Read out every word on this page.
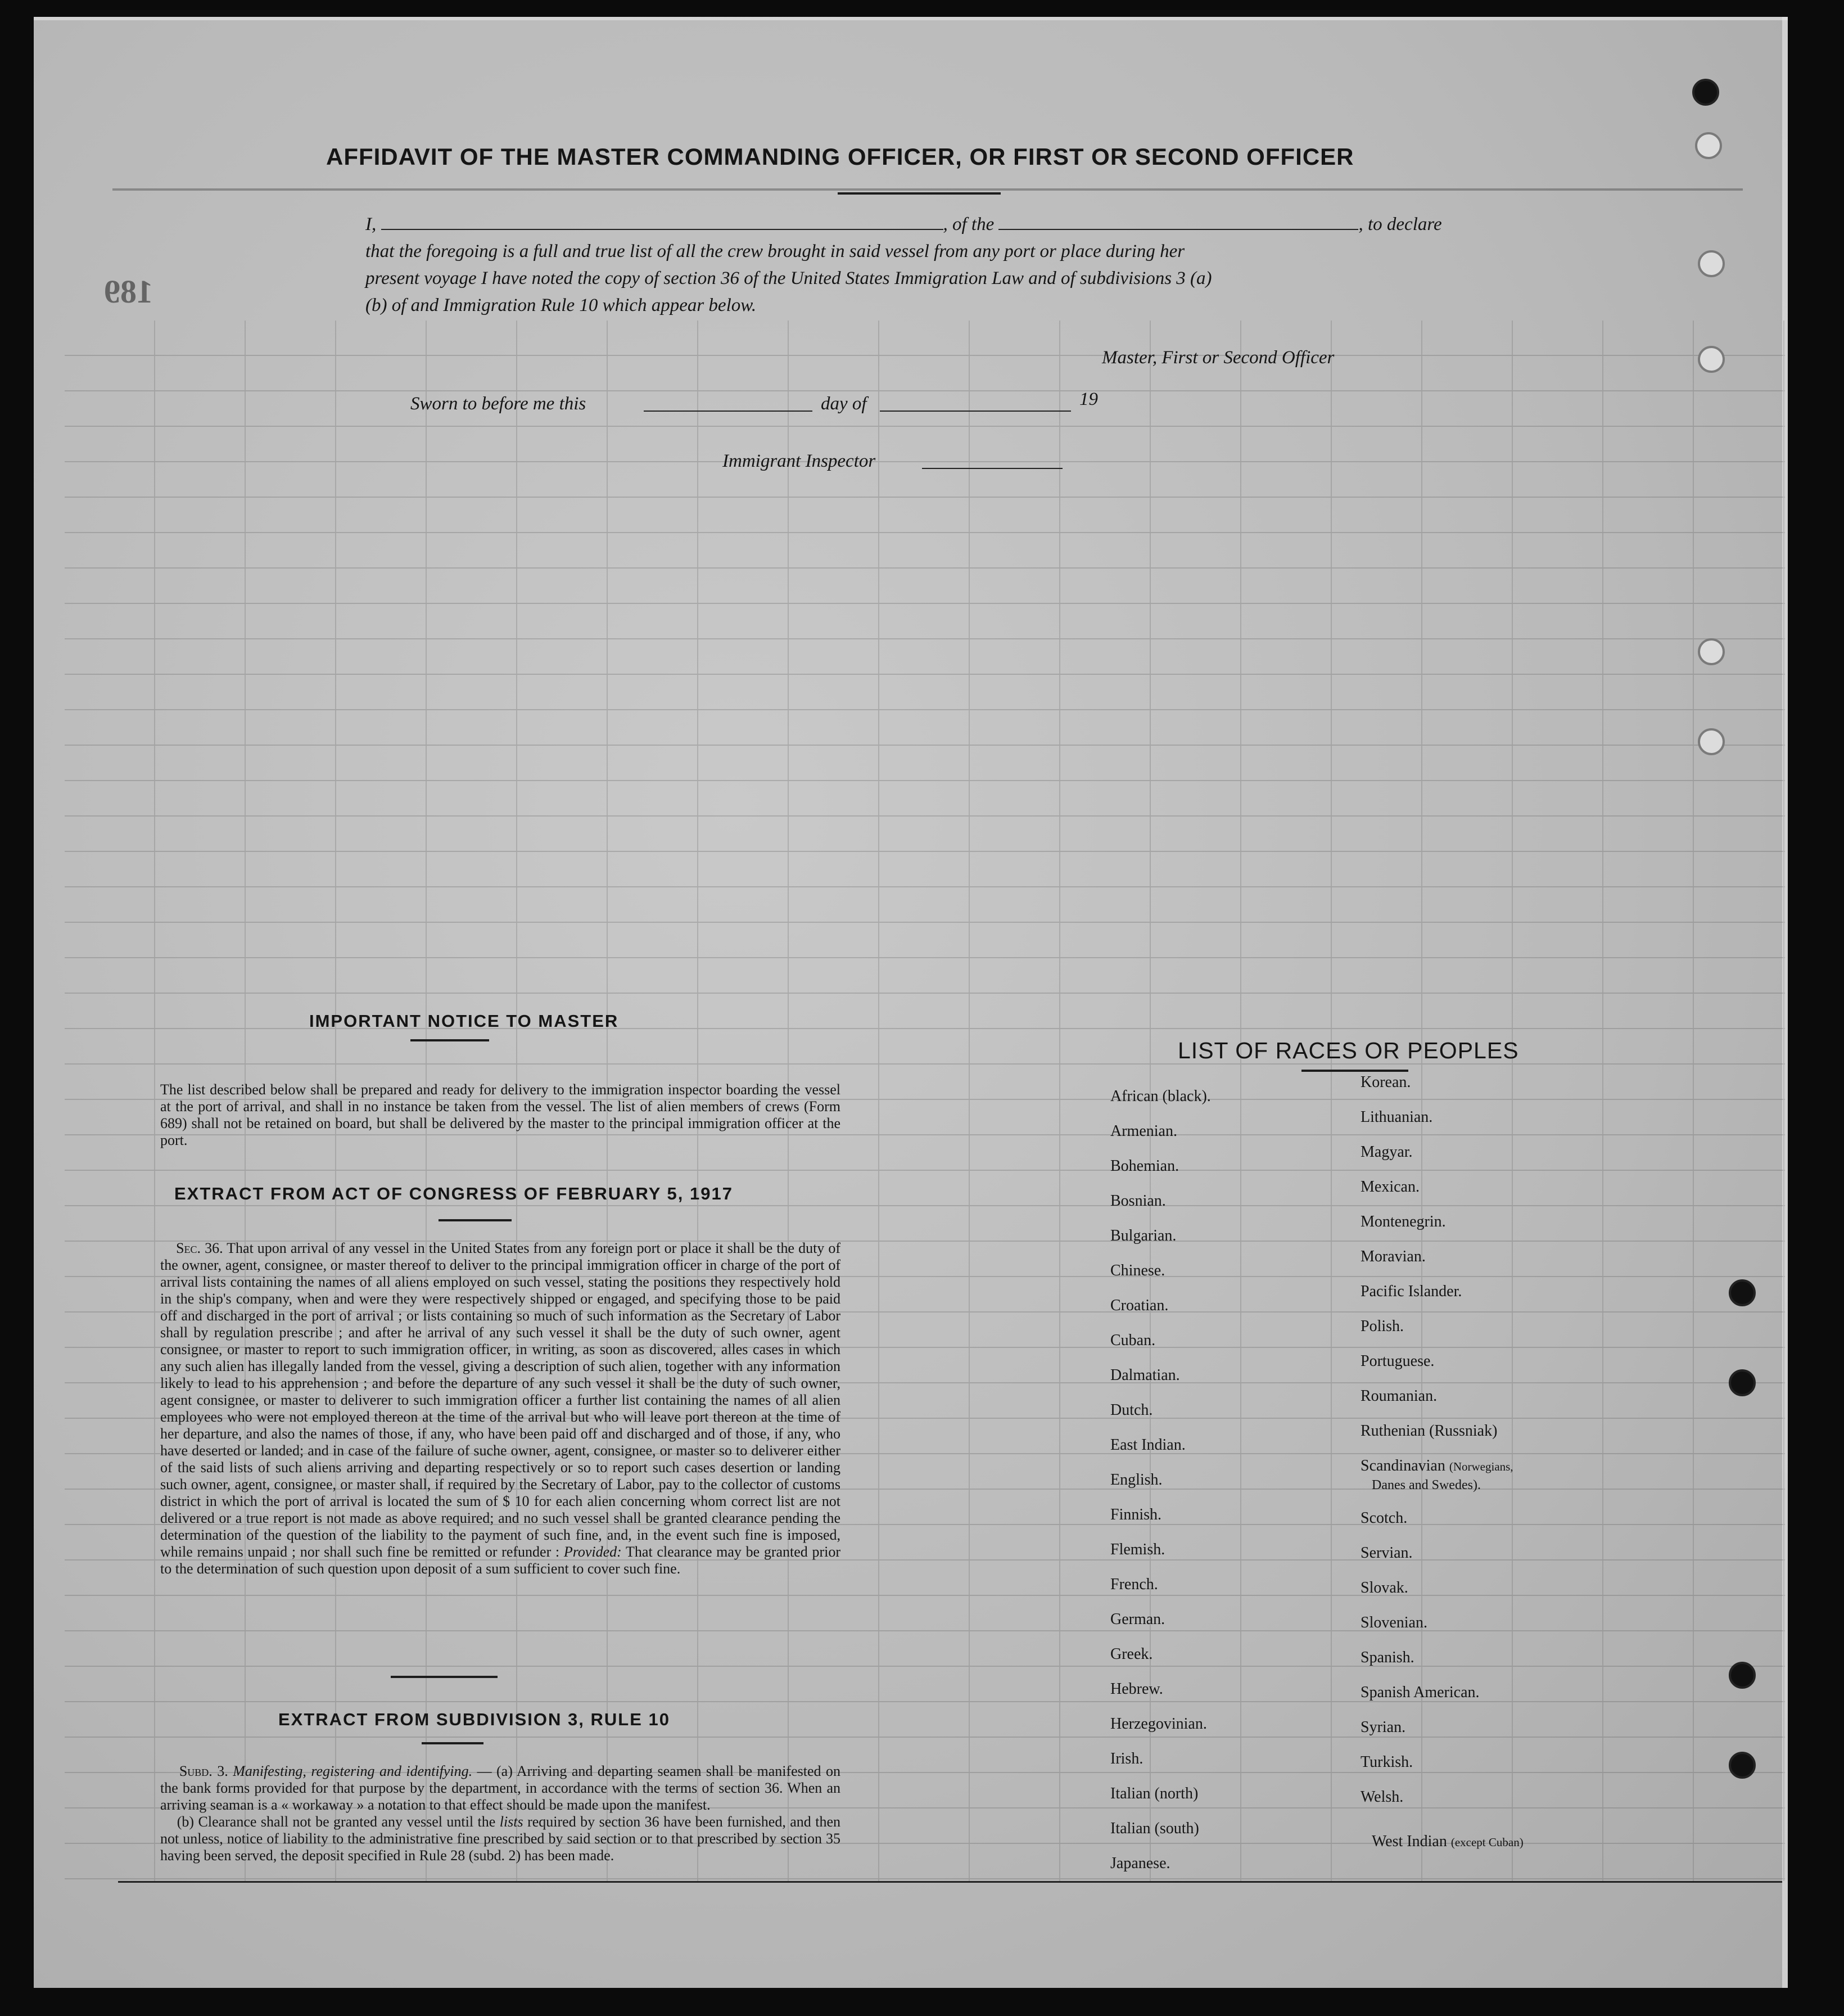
189
AFFIDAVIT OF THE MASTER COMMANDING OFFICER, OR FIRST OR SECOND OFFICER
I,	, of the	, to declare
that the foregoing is a full and true list of all the crew brought in said vessel from any port or place during her
present voyage I have noted the copy of section 36 of the United States Immigration Law and of subdivisions 3 (a)
(b) of and Immigration Rule 10 which appear below.
Master, First or Second Officer
Sworn to before me this	day of	19
Immigrant Inspector
IMPORTANT NOTICE TO MASTER
The list described below shall be prepared and ready for delivery to the immigration inspector boarding the vessel at the port of arrival, and shall in no instance be taken from the vessel. The list of alien members of crews (Form 689) shall not be retained on board, but shall be delivered by the master to the principal immigration officer at the port.
EXTRACT FROM ACT OF CONGRESS OF FEBRUARY 5, 1917
Sec. 36. That upon arrival of any vessel in the United States from any foreign port or place it shall be the duty of the owner, agent, consignee, or master thereof to deliver to the principal immigration officer in charge of the port of arrival lists containing the names of all aliens employed on such vessel, stating the positions they respectively hold in the ship's company, when and were they were respectively shipped or engaged, and specifying those to be paid off and discharged in the port of arrival ; or lists containing so much of such information as the Secretary of Labor shall by regulation prescribe ; and after he arrival of any such vessel it shall be the duty of such owner, agent consignee, or master to report to such immigration officer, in writing, as soon as discovered, alles cases in which any such alien has illegally landed from the vessel, giving a description of such alien, together with any information likely to lead to his apprehension ; and before the departure of any such vessel it shall be the duty of such owner, agent consignee, or master to deliverer to such immigration officer a further list containing the names of all alien employees who were not employed thereon at the time of the arrival but who will leave port thereon at the time of her departure, and also the names of those, if any, who have been paid off and discharged and of those, if any, who have deserted or landed; and in case of the failure of suche owner, agent, consignee, or master so to deliverer either of the said lists of such aliens arriving and departing respectively or so to report such cases desertion or landing such owner, agent, consignee, or master shall, if required by the Secretary of Labor, pay to the collector of customs district in which the port of arrival is located the sum of $ 10 for each alien concerning whom correct list are not delivered or a true report is not made as above required; and no such vessel shall be granted clearance pending the determination of the question of the liability to the payment of such fine, and, in the event such fine is imposed, while remains unpaid ; nor shall such fine be remitted or refunder : Provided: That clearance may be granted prior to the determination of such question upon deposit of a sum sufficient to cover such fine.
EXTRACT FROM SUBDIVISION 3, RULE 10
Subd. 3. Manifesting, registering and identifying. — (a) Arriving and departing seamen shall be manifested on the bank forms provided for that purpose by the department, in accordance with the terms of section 36. When an arriving seaman is a « workaway » a notation to that effect should be made upon the manifest.
(b) Clearance shall not be granted any vessel until the lists required by section 36 have been furnished, and then not unless, notice of liability to the administrative fine prescribed by said section or to that prescribed by section 35 having been served, the deposit specified in Rule 28 (subd. 2) has been made.
LIST OF RACES OR PEOPLES
African (black).
Armenian.
Bohemian.
Bosnian.
Bulgarian.
Chinese.
Croatian.
Cuban.
Dalmatian.
Dutch.
East Indian.
English.
Finnish.
Flemish.
French.
German.
Greek.
Hebrew.
Herzegovinian.
Irish.
Italian (north)
Italian (south)
Japanese.
Korean.
Lithuanian.
Magyar.
Mexican.
Montenegrin.
Moravian.
Pacific Islander.
Polish.
Portuguese.
Roumanian.
Ruthenian (Russniak)
Scandinavian (Norwegians,
Danes and Swedes).
Scotch.
Servian.
Slovak.
Slovenian.
Spanish.
Spanish American.
Syrian.
Turkish.
Welsh.
West Indian (except Cuban)
